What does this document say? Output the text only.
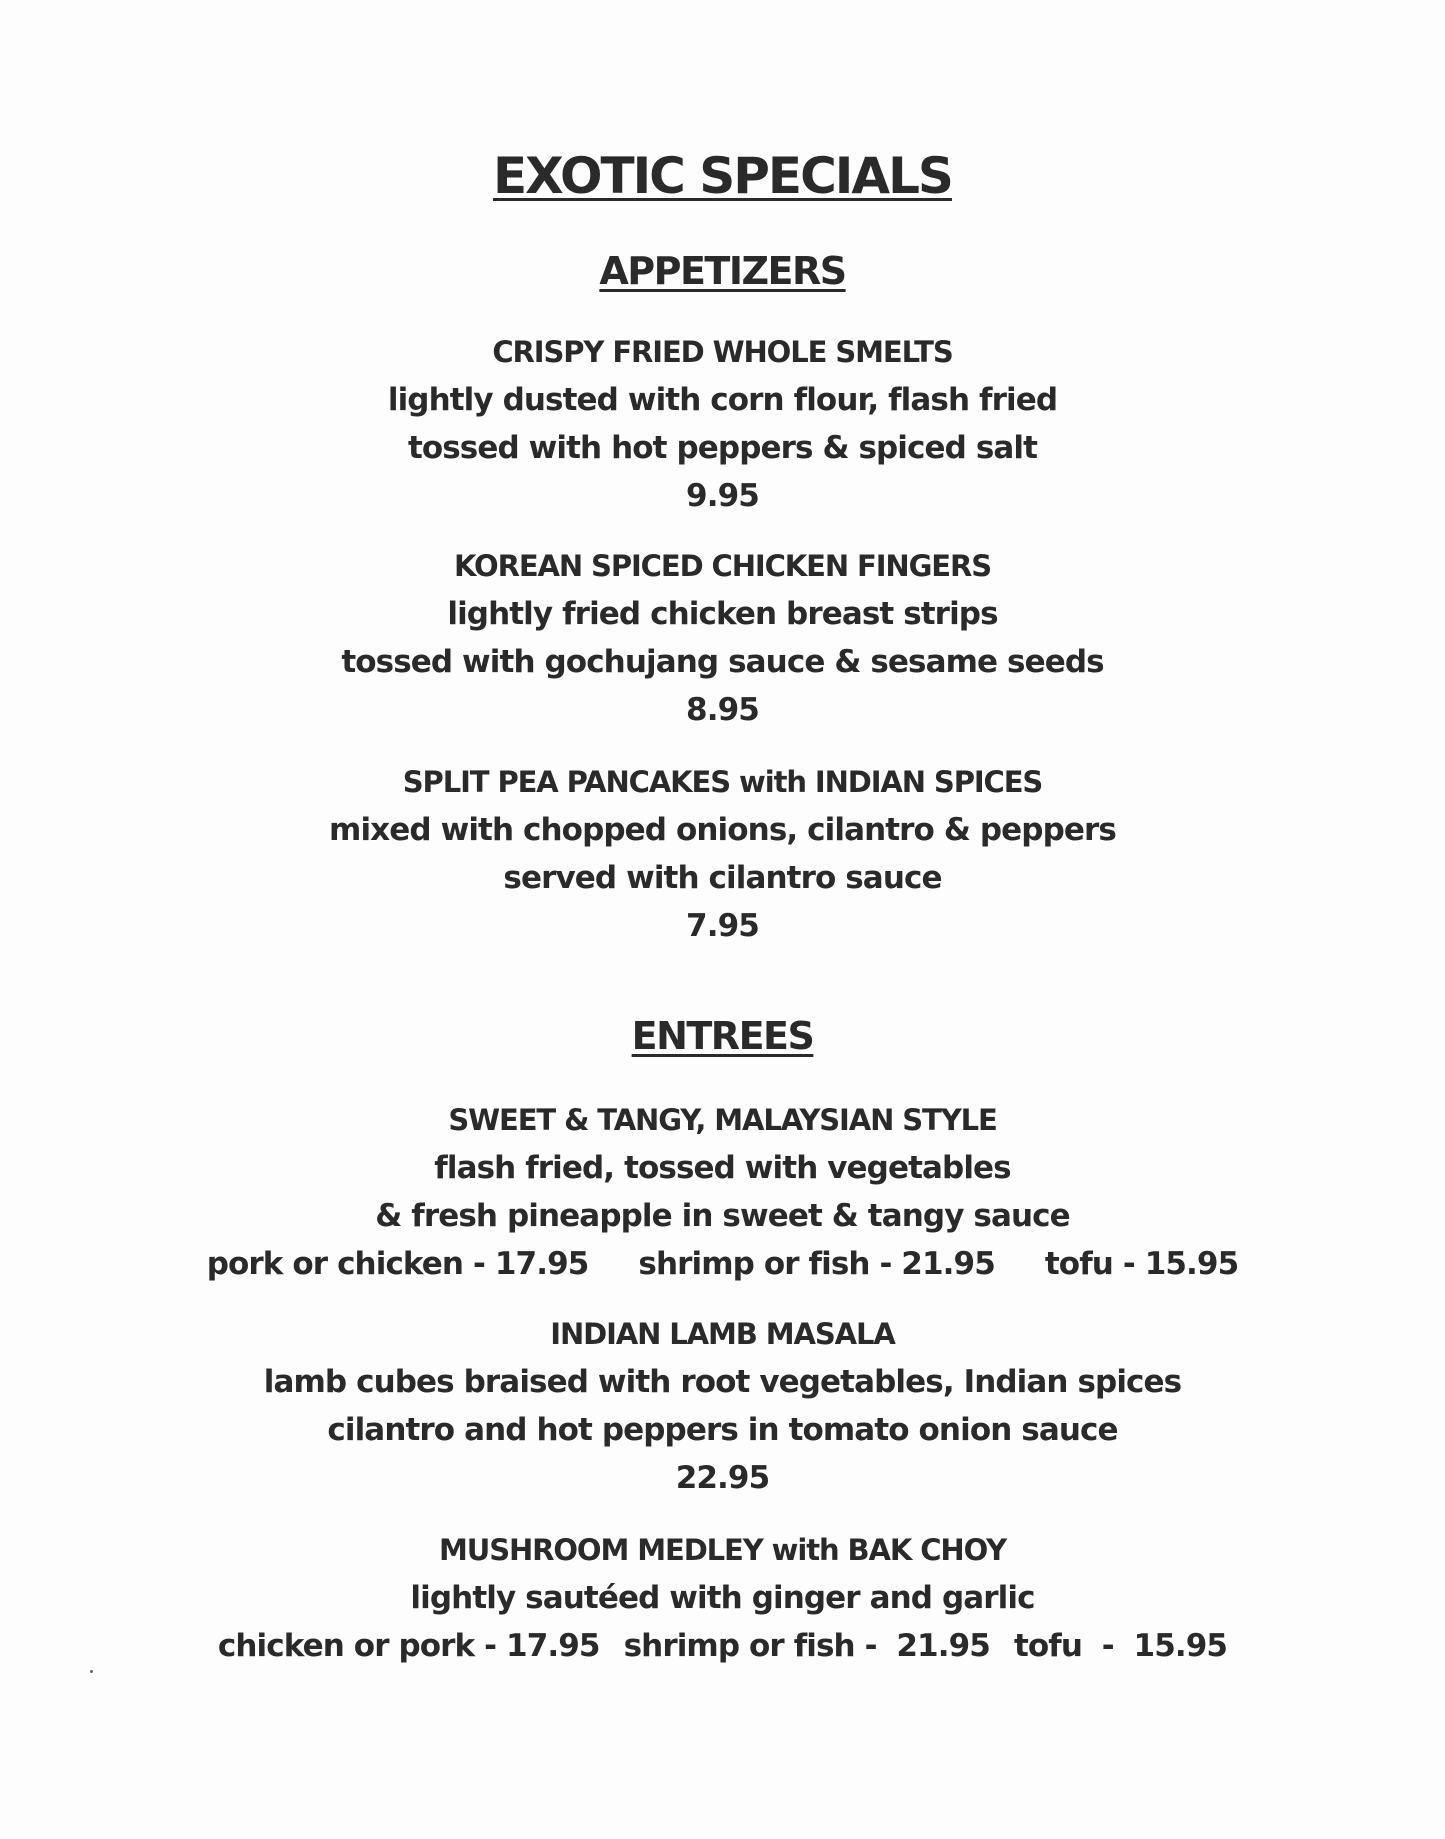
EXOTIC SPECIALS
APPETIZERS
CRISPY FRIED WHOLE SMELTS
lightly dusted with corn flour, flash fried
tossed with hot peppers & spiced salt
9.95
KOREAN SPICED CHICKEN FINGERS
lightly fried chicken breast strips
tossed with gochujang sauce & sesame seeds
8.95
SPLIT PEA PANCAKES with INDIAN SPICES
mixed with chopped onions, cilantro & peppers
served with cilantro sauce
7.95
ENTREES
SWEET & TANGY, MALAYSIAN STYLE
flash fried, tossed with vegetables
& fresh pineapple in sweet & tangy sauce
pork or chicken - 17.95 shrimp or fish - 21.95 tofu - 15.95
INDIAN LAMB MASALA
lamb cubes braised with root vegetables, Indian spices
cilantro and hot peppers in tomato onion sauce
22.95
MUSHROOM MEDLEY with BAK CHOY
lightly sautéed with ginger and garlic
chicken or pork - 17.95 shrimp or fish -  21.95 tofu  -  15.95
